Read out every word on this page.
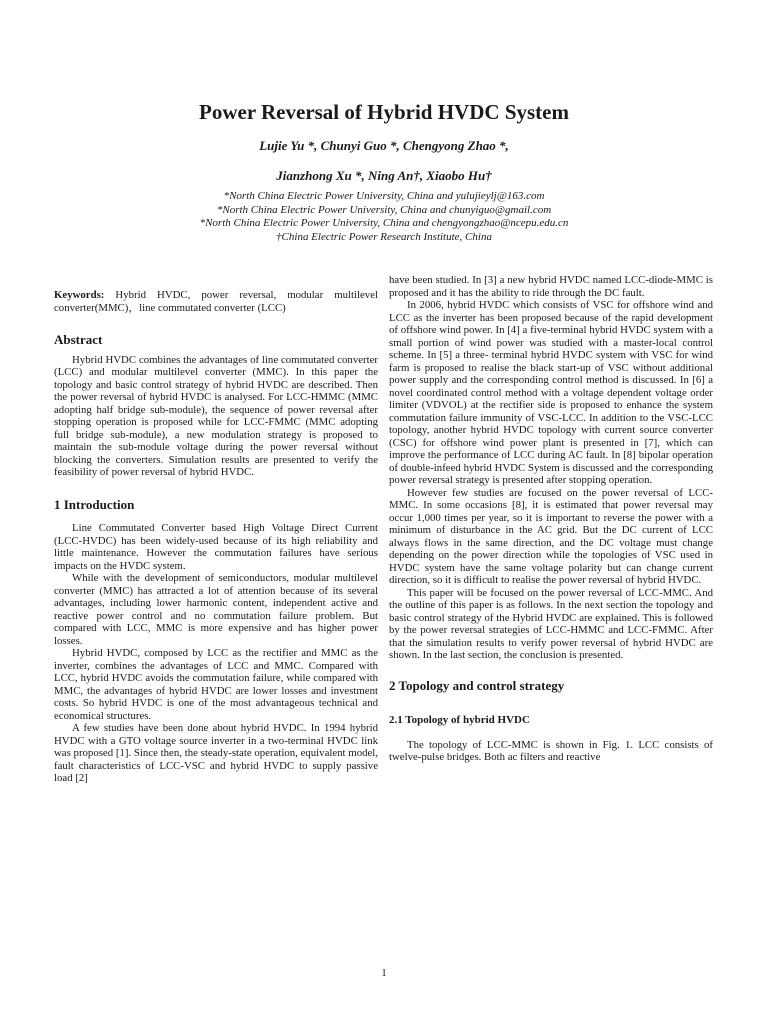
Power Reversal of Hybrid HVDC System
Lujie Yu *, Chunyi Guo *, Chengyong Zhao *,
Jianzhong Xu *, Ning An†, Xiaobo Hu†
*North China Electric Power University, China and yulujieylj@163.com
*North China Electric Power University, China and chunyiguo@gmail.com
*North China Electric Power University, China and chengyongzhao@ncepu.edu.cn
†China Electric Power Research Institute, China

Keywords: Hybrid HVDC, power reversal, modular multilevel converter(MMC)，line commutated converter (LCC)

Abstract

Hybrid HVDC combines the advantages of line commutated converter (LCC) and modular multilevel converter (MMC). In this paper the topology and basic control strategy of hybrid HVDC are described. Then the power reversal of hybrid HVDC is analysed. For LCC-HMMC (MMC adopting half bridge sub-module), the sequence of power reversal after stopping operation is proposed while for LCC-FMMC (MMC adopting full bridge sub-module), a new modulation strategy is proposed to maintain the sub-module voltage during the power reversal without blocking the converters. Simulation results are presented to verify the feasibility of power reversal of hybrid HVDC.

1 Introduction

Line Commutated Converter based High Voltage Direct Current (LCC-HVDC) has been widely-used because of its high reliability and little maintenance. However the commutation failures have serious impacts on the HVDC system.

While with the development of semiconductors, modular multilevel converter (MMC) has attracted a lot of attention because of its several advantages, including lower harmonic content, independent active and reactive power control and no commutation failure problem. But compared with LCC, MMC is more expensive and has higher power losses.

Hybrid HVDC, composed by LCC as the rectifier and MMC as the inverter, combines the advantages of LCC and MMC. Compared with LCC, hybrid HVDC avoids the commutation failure, while compared with MMC, the advantages of hybrid HVDC are lower losses and investment costs. So hybrid HVDC is one of the most advantageous technical and economical structures.

A few studies have been done about hybrid HVDC. In 1994 hybrid HVDC with a GTO voltage source inverter in a two-terminal HVDC link was proposed [1]. Since then, the steady-state operation, equivalent model, fault characteristics of LCC-VSC and hybrid HVDC to supply passive load [2]

have been studied. In [3] a new hybrid HVDC named LCC-diode-MMC is proposed and it has the ability to ride through the DC fault.

In 2006, hybrid HVDC which consists of VSC for offshore wind and LCC as the inverter has been proposed because of the rapid development of offshore wind power. In [4] a five-terminal hybrid HVDC system with a small portion of wind power was studied with a master-local control scheme. In [5] a three- terminal hybrid HVDC system with VSC for wind farm is proposed to realise the black start-up of VSC without additional power supply and the corresponding control method is discussed. In [6] a novel coordinated control method with a voltage dependent voltage order limiter (VDVOL) at the rectifier side is proposed to enhance the system commutation failure immunity of VSC-LCC. In addition to the VSC-LCC topology, another hybrid HVDC topology with current source converter (CSC) for offshore wind power plant is presented in [7], which can improve the performance of LCC during AC fault. In [8] bipolar operation of double-infeed hybrid HVDC System is discussed and the corresponding power reversal strategy is presented after stopping operation.

However few studies are focused on the power reversal of LCC-MMC. In some occasions [8], it is estimated that power reversal may occur 1,000 times per year, so it is important to reverse the power with a minimum of disturbance in the AC grid. But the DC current of LCC always flows in the same direction, and the DC voltage must change depending on the power direction while the topologies of VSC used in HVDC system have the same voltage polarity but can change current direction, so it is difficult to realise the power reversal of hybrid HVDC.

This paper will be focused on the power reversal of LCC-MMC. And the outline of this paper is as follows. In the next section the topology and basic control strategy of the Hybrid HVDC are explained. This is followed by the power reversal strategies of LCC-HMMC and LCC-FMMC. After that the simulation results to verify power reversal of hybrid HVDC are shown. In the last section, the conclusion is presented.

2 Topology and control strategy
2.1 Topology of hybrid HVDC

The topology of LCC-MMC is shown in Fig. 1. LCC consists of twelve-pulse bridges. Both ac filters and reactive

1
